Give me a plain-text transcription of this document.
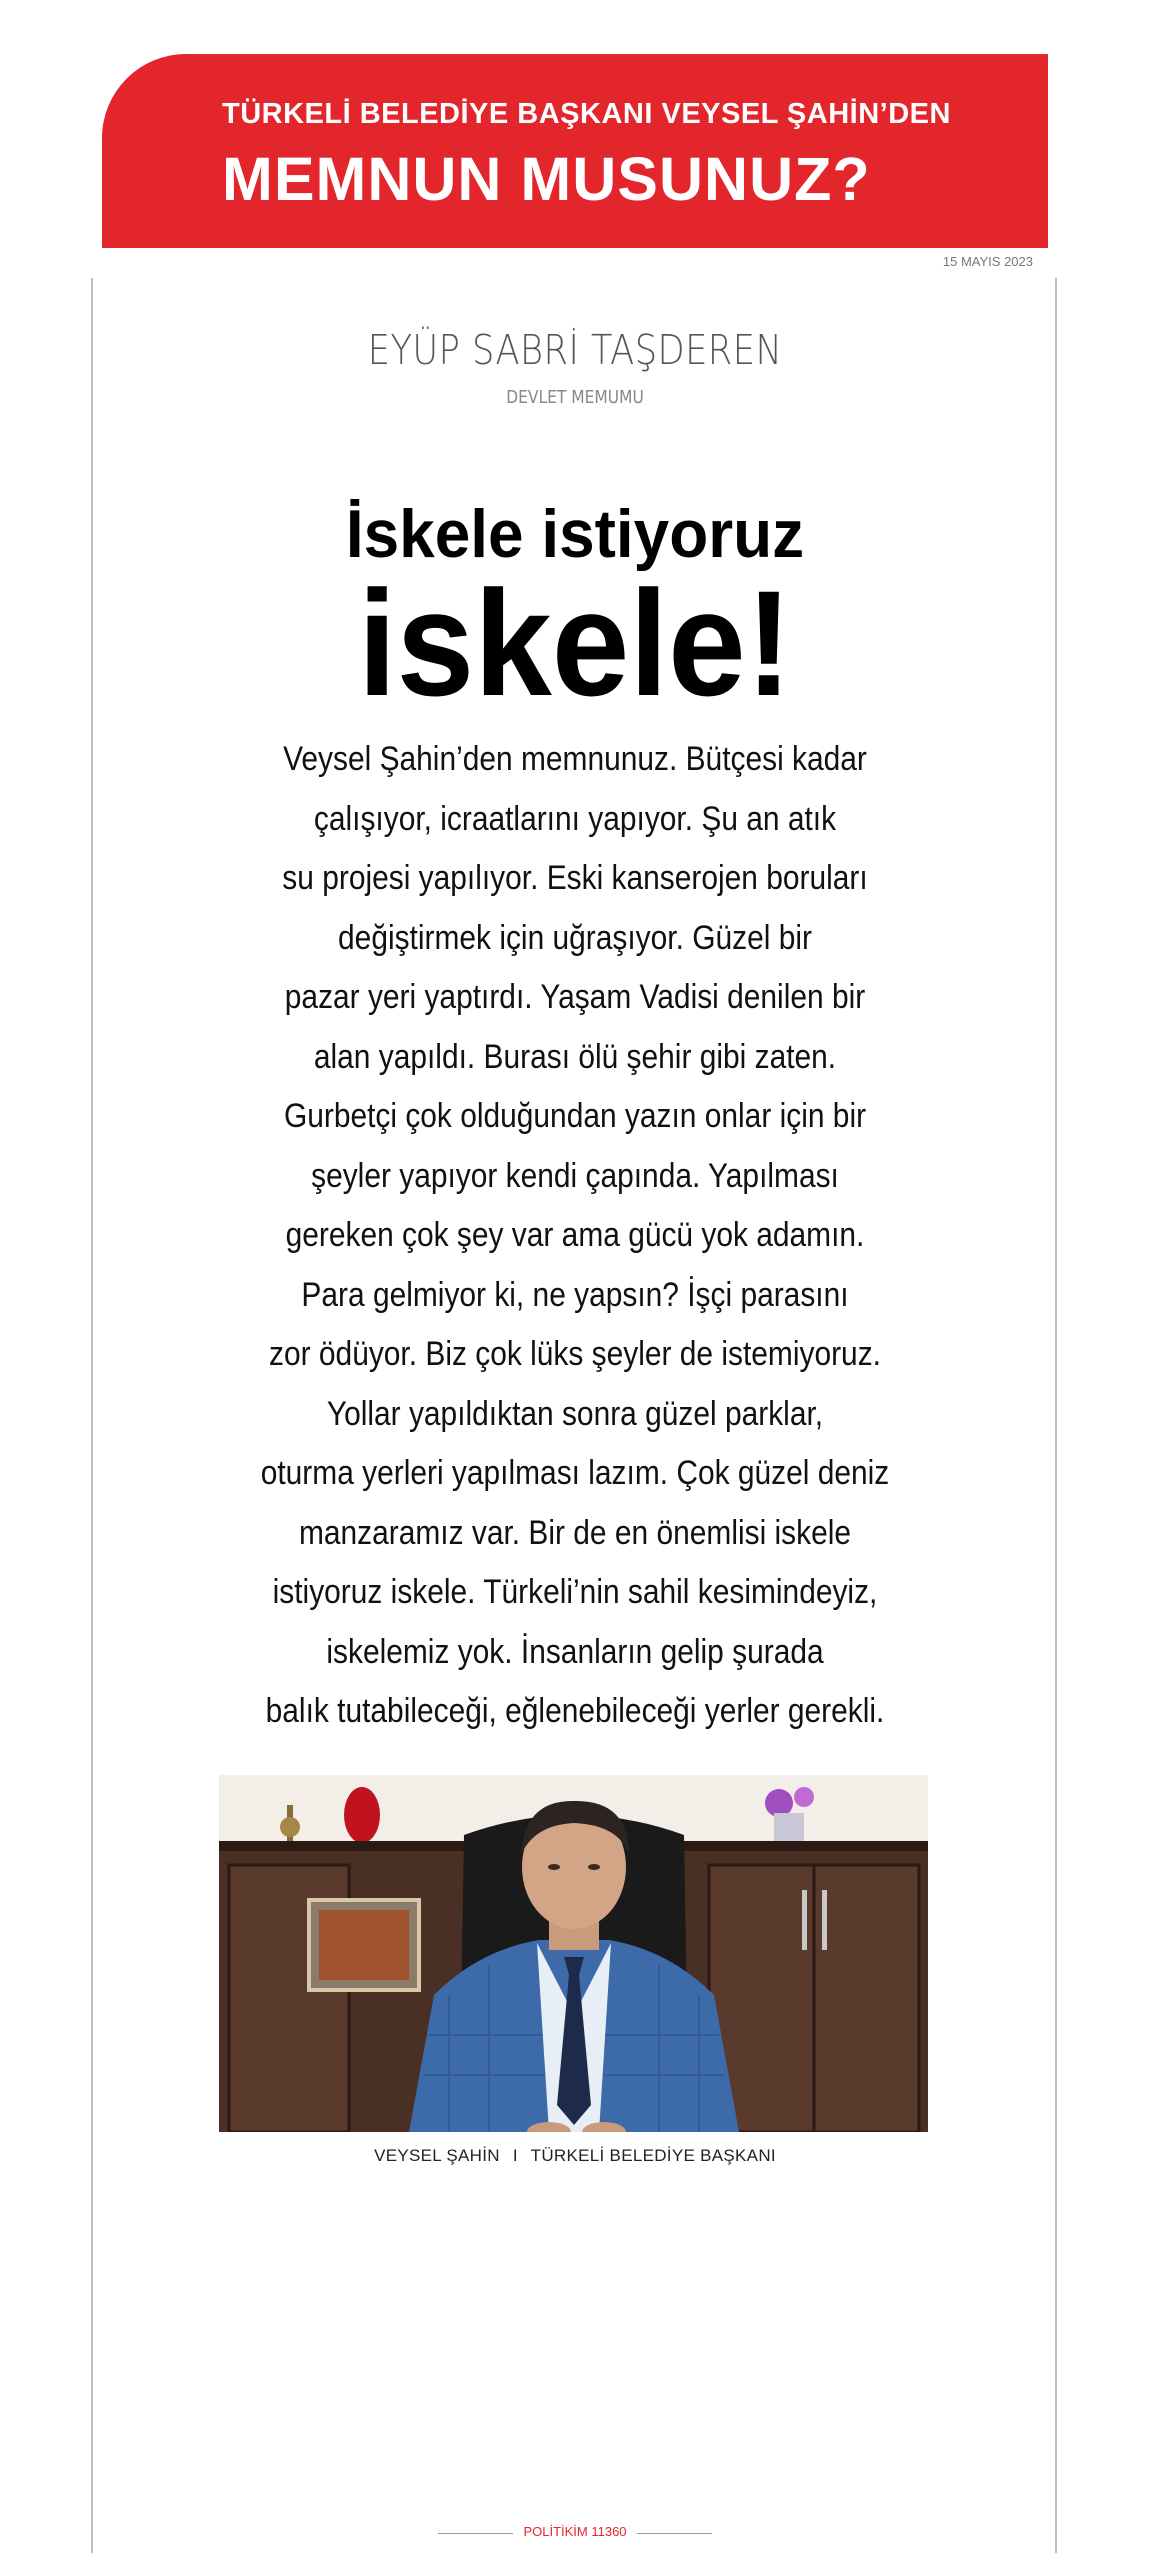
TÜRKELİ BELEDİYE BAŞKANI VEYSEL ŞAHİN’DEN
MEMNUN MUSUNUZ?
15 MAYIS 2023
EYÜP SABRİ TAŞDEREN
DEVLET MEMUMU
İskele istiyoruz
iskele!
Veysel Şahin’den memnunuz. Bütçesi kadar
çalışıyor, icraatlarını yapıyor. Şu an atık
su projesi yapılıyor. Eski kanserojen boruları
değiştirmek için uğraşıyor. Güzel bir
pazar yeri yaptırdı. Yaşam Vadisi denilen bir
alan yapıldı. Burası ölü şehir gibi zaten.
Gurbetçi çok olduğundan yazın onlar için bir
şeyler yapıyor kendi çapında. Yapılması
gereken çok şey var ama gücü yok adamın.
Para gelmiyor ki, ne yapsın? İşçi parasını
zor ödüyor. Biz çok lüks şeyler de istemiyoruz.
Yollar yapıldıktan sonra güzel parklar,
oturma yerleri yapılması lazım. Çok güzel deniz
manzaramız var. Bir de en önemlisi iskele
istiyoruz iskele. Türkeli’nin sahil kesimindeyiz,
iskelemiz yok. İnsanların gelip şurada
balık tutabileceği, eğlenebileceği yerler gerekli.
VEYSEL ŞAHİN I TÜRKELİ BELEDİYE BAŞKANI
POLİTİKİM 11360
